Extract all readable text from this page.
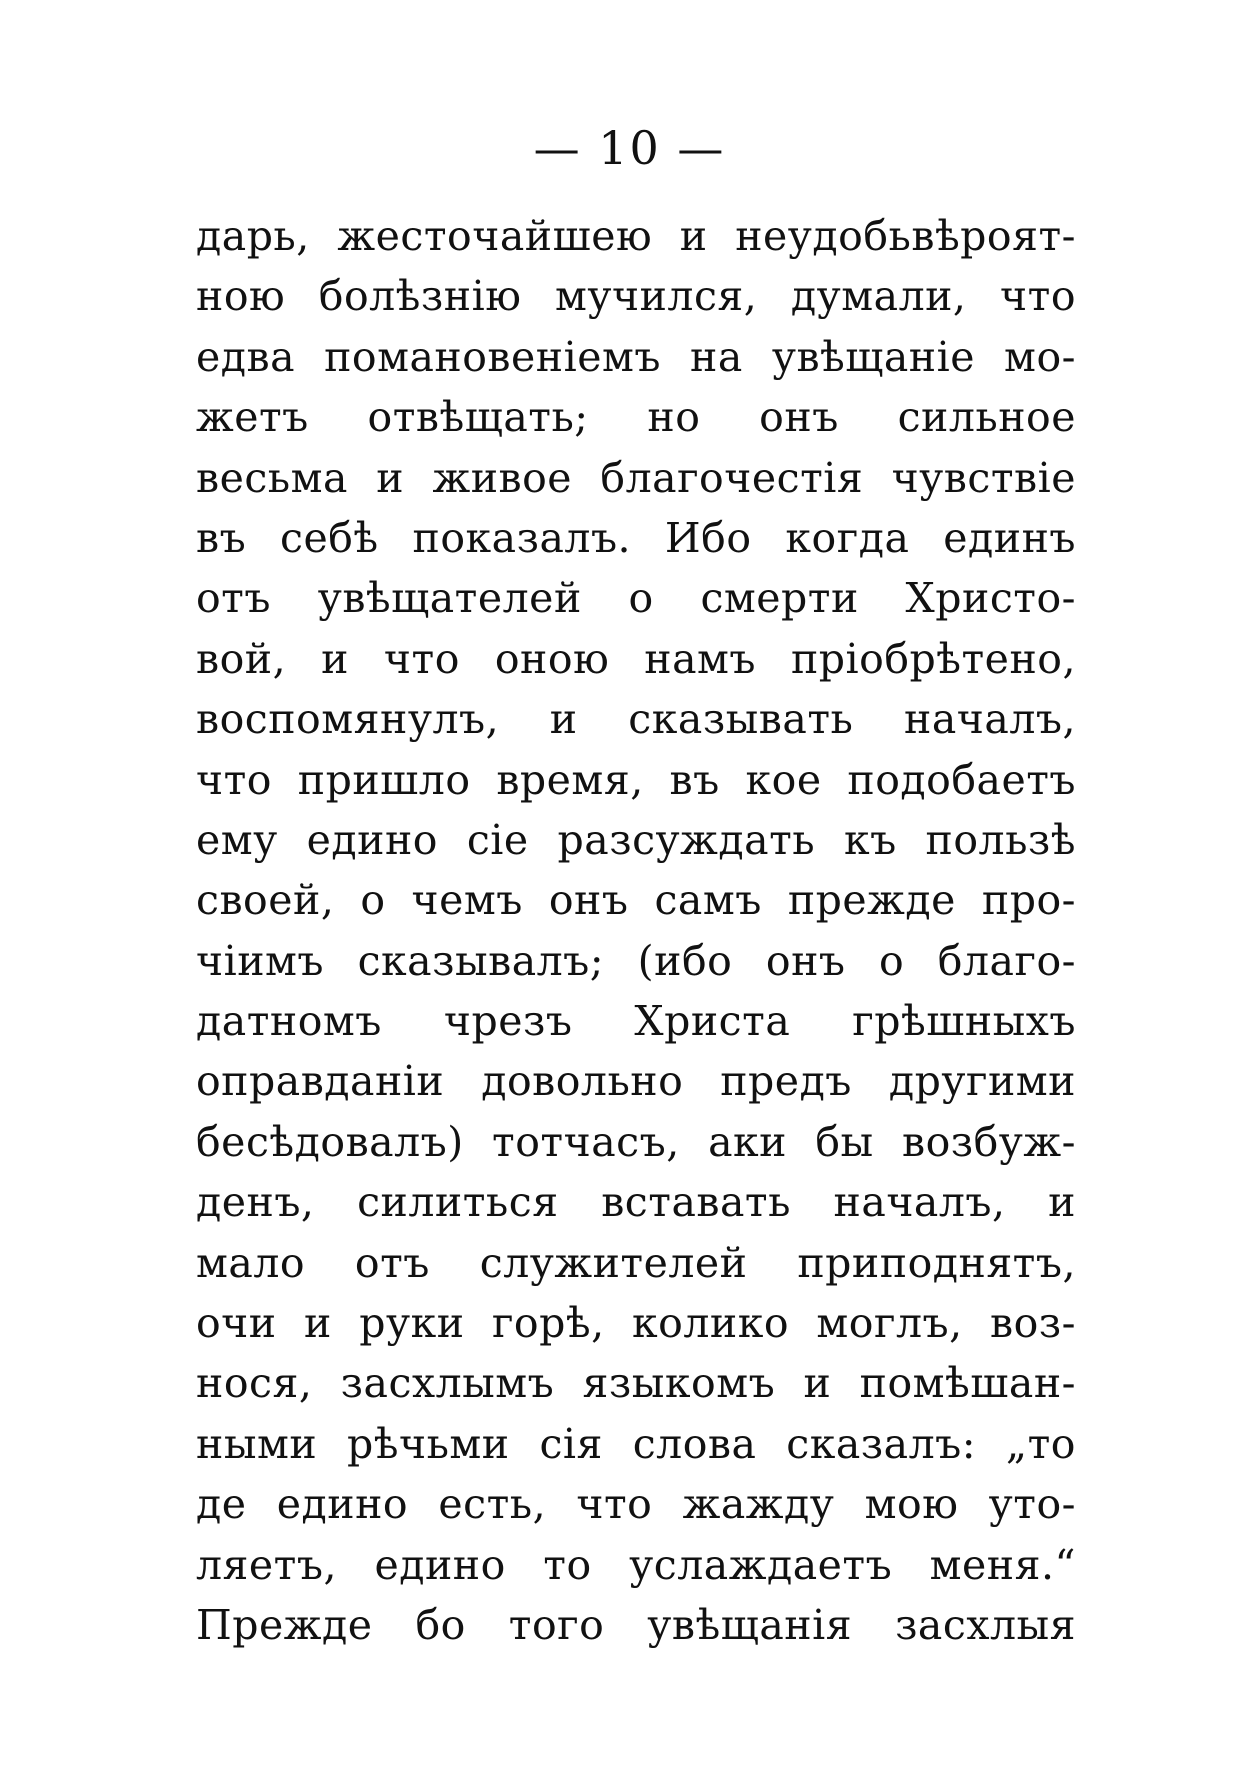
— 10 —
дарь, жесточайшею и неудобьвѣроят-
ною болѣзнію мучился, думали, что
едва помановеніемъ на увѣщаніе мо-
жетъ отвѣщать; но онъ сильное
весьма и живое благочестія чувствіе
въ себѣ показалъ. Ибо когда единъ
отъ увѣщателей о смерти Христо-
вой, и что оною намъ пріобрѣтено,
воспомянулъ, и сказывать началъ,
что пришло время, въ кое подобаетъ
ему едино сіе разсуждать къ пользѣ
своей, о чемъ онъ самъ прежде про-
чіимъ сказывалъ; (ибо онъ о благо-
датномъ чрезъ Христа грѣшныхъ
оправданіи довольно предъ другими
бесѣдовалъ) тотчасъ, аки бы возбуж-
денъ, силиться вставать началъ, и
мало отъ служителей приподнятъ,
очи и руки горѣ, колико моглъ, воз-
нося, засхлымъ языкомъ и помѣшан-
ными рѣчьми сія слова сказалъ: „то
де едино есть, что жажду мою уто-
ляетъ, едино то услаждаетъ меня.“
Прежде бо того увѣщанія засхлыя
